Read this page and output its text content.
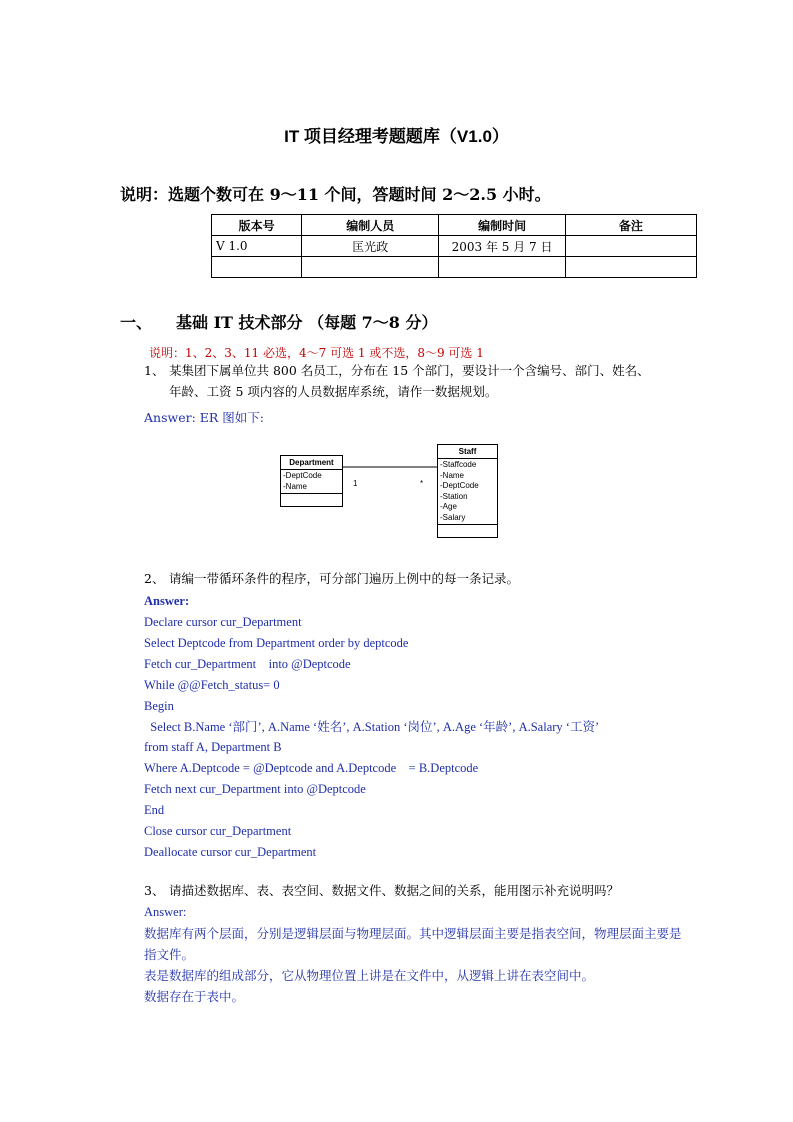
IT 项目经理考题题库（V1.0）
说明：选题个数可在 9～11 个间，答题时间 2～2.5 小时。
版本号	编制人员	编制时间	备注
V 1.0	匡光政	2003 年 5 月 7 日	

一、 基础 IT 技术部分 （每题 7～8 分）
说明：1、2、3、11 必选，4～7 可选 1 或不选，8～9 可选 1
1、 某集团下属单位共 800 名员工，分布在 15 个部门，要设计一个含编号、部门、姓名、
年龄、工资 5 项内容的人员数据库系统，请作一数据规划。
Answer: ER 图如下:
Department
-DeptCode
-Name
Staff
-Staffcode
-Name
-DeptCode
-Station
-Age
-Salary
1	*
2、 请编一带循环条件的程序，可分部门遍历上例中的每一条记录。
Answer:
Declare cursor cur_Department
Select Deptcode from Department order by deptcode
Fetch cur_Department    into @Deptcode
While @@Fetch_status= 0
Begin
Select B.Name ‘部门’, A.Name ‘姓名’, A.Station ‘岗位’, A.Age ‘年龄’, A.Salary ‘工资’
from staff A, Department B
Where A.Deptcode = @Deptcode and A.Deptcode    = B.Deptcode
Fetch next cur_Department into @Deptcode
End
Close cursor cur_Department
Deallocate cursor cur_Department
3、 请描述数据库、表、表空间、数据文件、数据之间的关系，能用图示补充说明吗？
Answer:
数据库有两个层面，分别是逻辑层面与物理层面。其中逻辑层面主要是指表空间，物理层面主要是指文件。
表是数据库的组成部分，它从物理位置上讲是在文件中，从逻辑上讲在表空间中。
数据存在于表中。
